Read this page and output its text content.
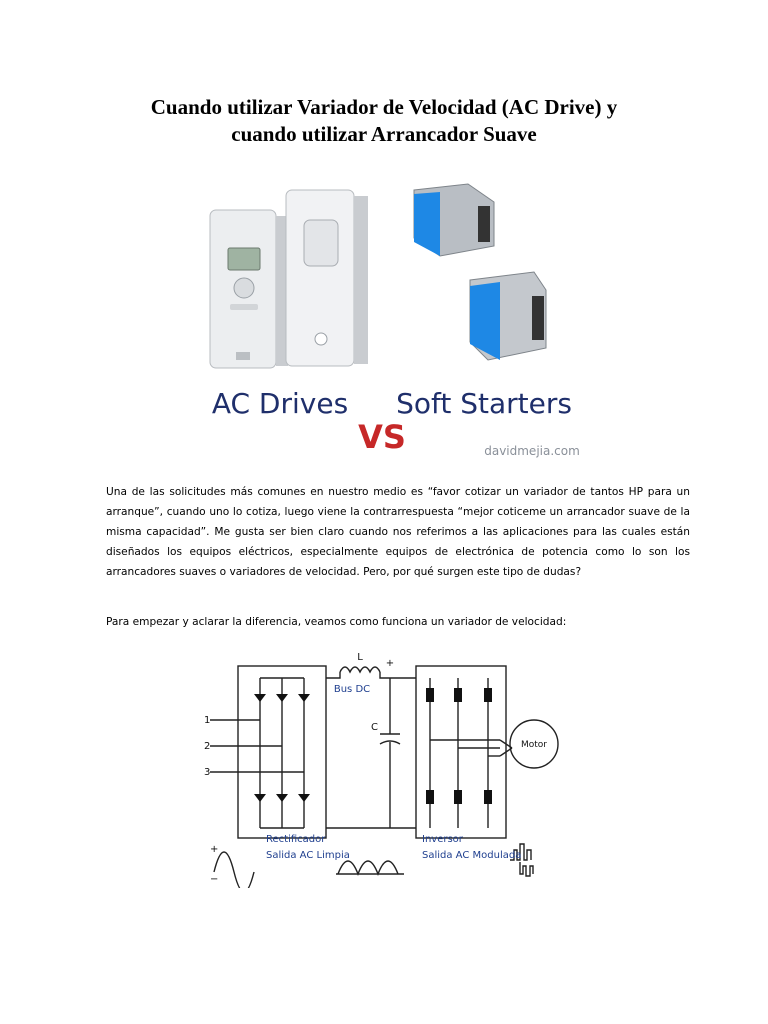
Cuando utilizar Variador de Velocidad (AC Drive) y
cuando utilizar Arrancador Suave
AC Drives
VS
Soft Starters
davidmejia.com

Una de las solicitudes más comunes en nuestro medio es “favor cotizar un variador de tantos HP para un arranque”, cuando uno lo cotiza, luego viene la contrarrespuesta “mejor coticeme un arrancador suave de la misma capacidad”. Me gusta ser bien claro cuando nos referimos a las aplicaciones para las cuales están diseñados los equipos eléctricos, especialmente equipos de electrónica de potencia como lo son los arrancadores suaves o variadores de velocidad. Pero, por qué surgen este tipo de dudas?

Para empezar y aclarar la diferencia, veamos como funciona un variador de velocidad:

L
+
C
1
2
3
Motor
+
−
Bus DC
Rectificador
Salida AC Limpia
Inversor
Salida AC Modulada
